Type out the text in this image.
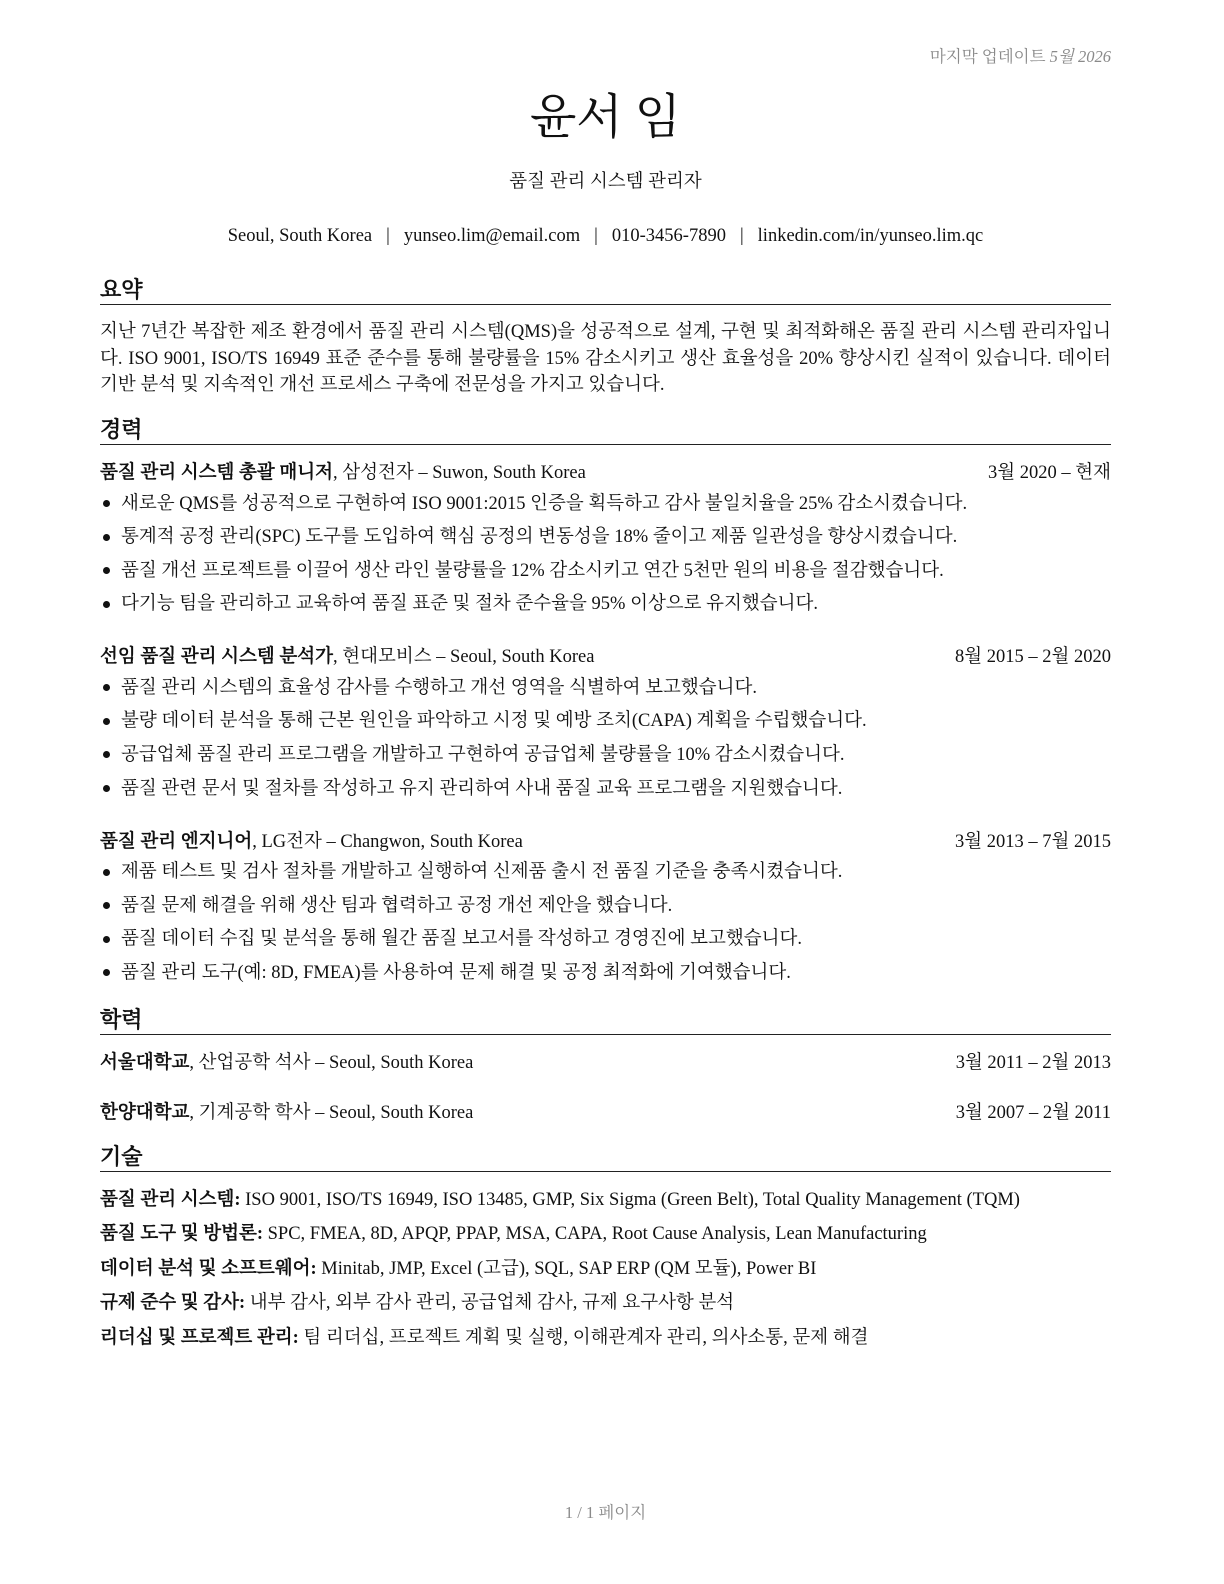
마지막 업데이트 5월 2026
윤서 임
품질 관리 시스템 관리자
Seoul, South Korea | yunseo.lim@email.com | 010-3456-7890 | linkedin.com/in/yunseo.lim.qc
요약

지난 7년간 복잡한 제조 환경에서 품질 관리 시스템(QMS)을 성공적으로 설계, 구현 및 최적화해온 품질 관리 시스템 관리자입니다. ISO 9001, ISO/TS 16949 표준 준수를 통해 불량률을 15% 감소시키고 생산 효율성을 20% 향상시킨 실적이 있습니다. 데이터 기반 분석 및 지속적인 개선 프로세스 구축에 전문성을 가지고 있습니다.

경력
품질 관리 시스템 총괄 매니저, 삼성전자 – Suwon, South Korea	3월 2020 – 현재
새로운 QMS를 성공적으로 구현하여 ISO 9001:2015 인증을 획득하고 감사 불일치율을 25% 감소시켰습니다.
통계적 공정 관리(SPC) 도구를 도입하여 핵심 공정의 변동성을 18% 줄이고 제품 일관성을 향상시켰습니다.
품질 개선 프로젝트를 이끌어 생산 라인 불량률을 12% 감소시키고 연간 5천만 원의 비용을 절감했습니다.
다기능 팀을 관리하고 교육하여 품질 표준 및 절차 준수율을 95% 이상으로 유지했습니다.
선임 품질 관리 시스템 분석가, 현대모비스 – Seoul, South Korea	8월 2015 – 2월 2020
품질 관리 시스템의 효율성 감사를 수행하고 개선 영역을 식별하여 보고했습니다.
불량 데이터 분석을 통해 근본 원인을 파악하고 시정 및 예방 조치(CAPA) 계획을 수립했습니다.
공급업체 품질 관리 프로그램을 개발하고 구현하여 공급업체 불량률을 10% 감소시켰습니다.
품질 관련 문서 및 절차를 작성하고 유지 관리하여 사내 품질 교육 프로그램을 지원했습니다.
품질 관리 엔지니어, LG전자 – Changwon, South Korea	3월 2013 – 7월 2015
제품 테스트 및 검사 절차를 개발하고 실행하여 신제품 출시 전 품질 기준을 충족시켰습니다.
품질 문제 해결을 위해 생산 팀과 협력하고 공정 개선 제안을 했습니다.
품질 데이터 수집 및 분석을 통해 월간 품질 보고서를 작성하고 경영진에 보고했습니다.
품질 관리 도구(예: 8D, FMEA)를 사용하여 문제 해결 및 공정 최적화에 기여했습니다.
학력
서울대학교, 산업공학 석사 – Seoul, South Korea	3월 2011 – 2월 2013
한양대학교, 기계공학 학사 – Seoul, South Korea	3월 2007 – 2월 2011
기술
품질 관리 시스템: ISO 9001, ISO/TS 16949, ISO 13485, GMP, Six Sigma (Green Belt), Total Quality Management (TQM)
품질 도구 및 방법론: SPC, FMEA, 8D, APQP, PPAP, MSA, CAPA, Root Cause Analysis, Lean Manufacturing
데이터 분석 및 소프트웨어: Minitab, JMP, Excel (고급), SQL, SAP ERP (QM 모듈), Power BI
규제 준수 및 감사: 내부 감사, 외부 감사 관리, 공급업체 감사, 규제 요구사항 분석
리더십 및 프로젝트 관리: 팀 리더십, 프로젝트 계획 및 실행, 이해관계자 관리, 의사소통, 문제 해결
1 / 1 페이지
